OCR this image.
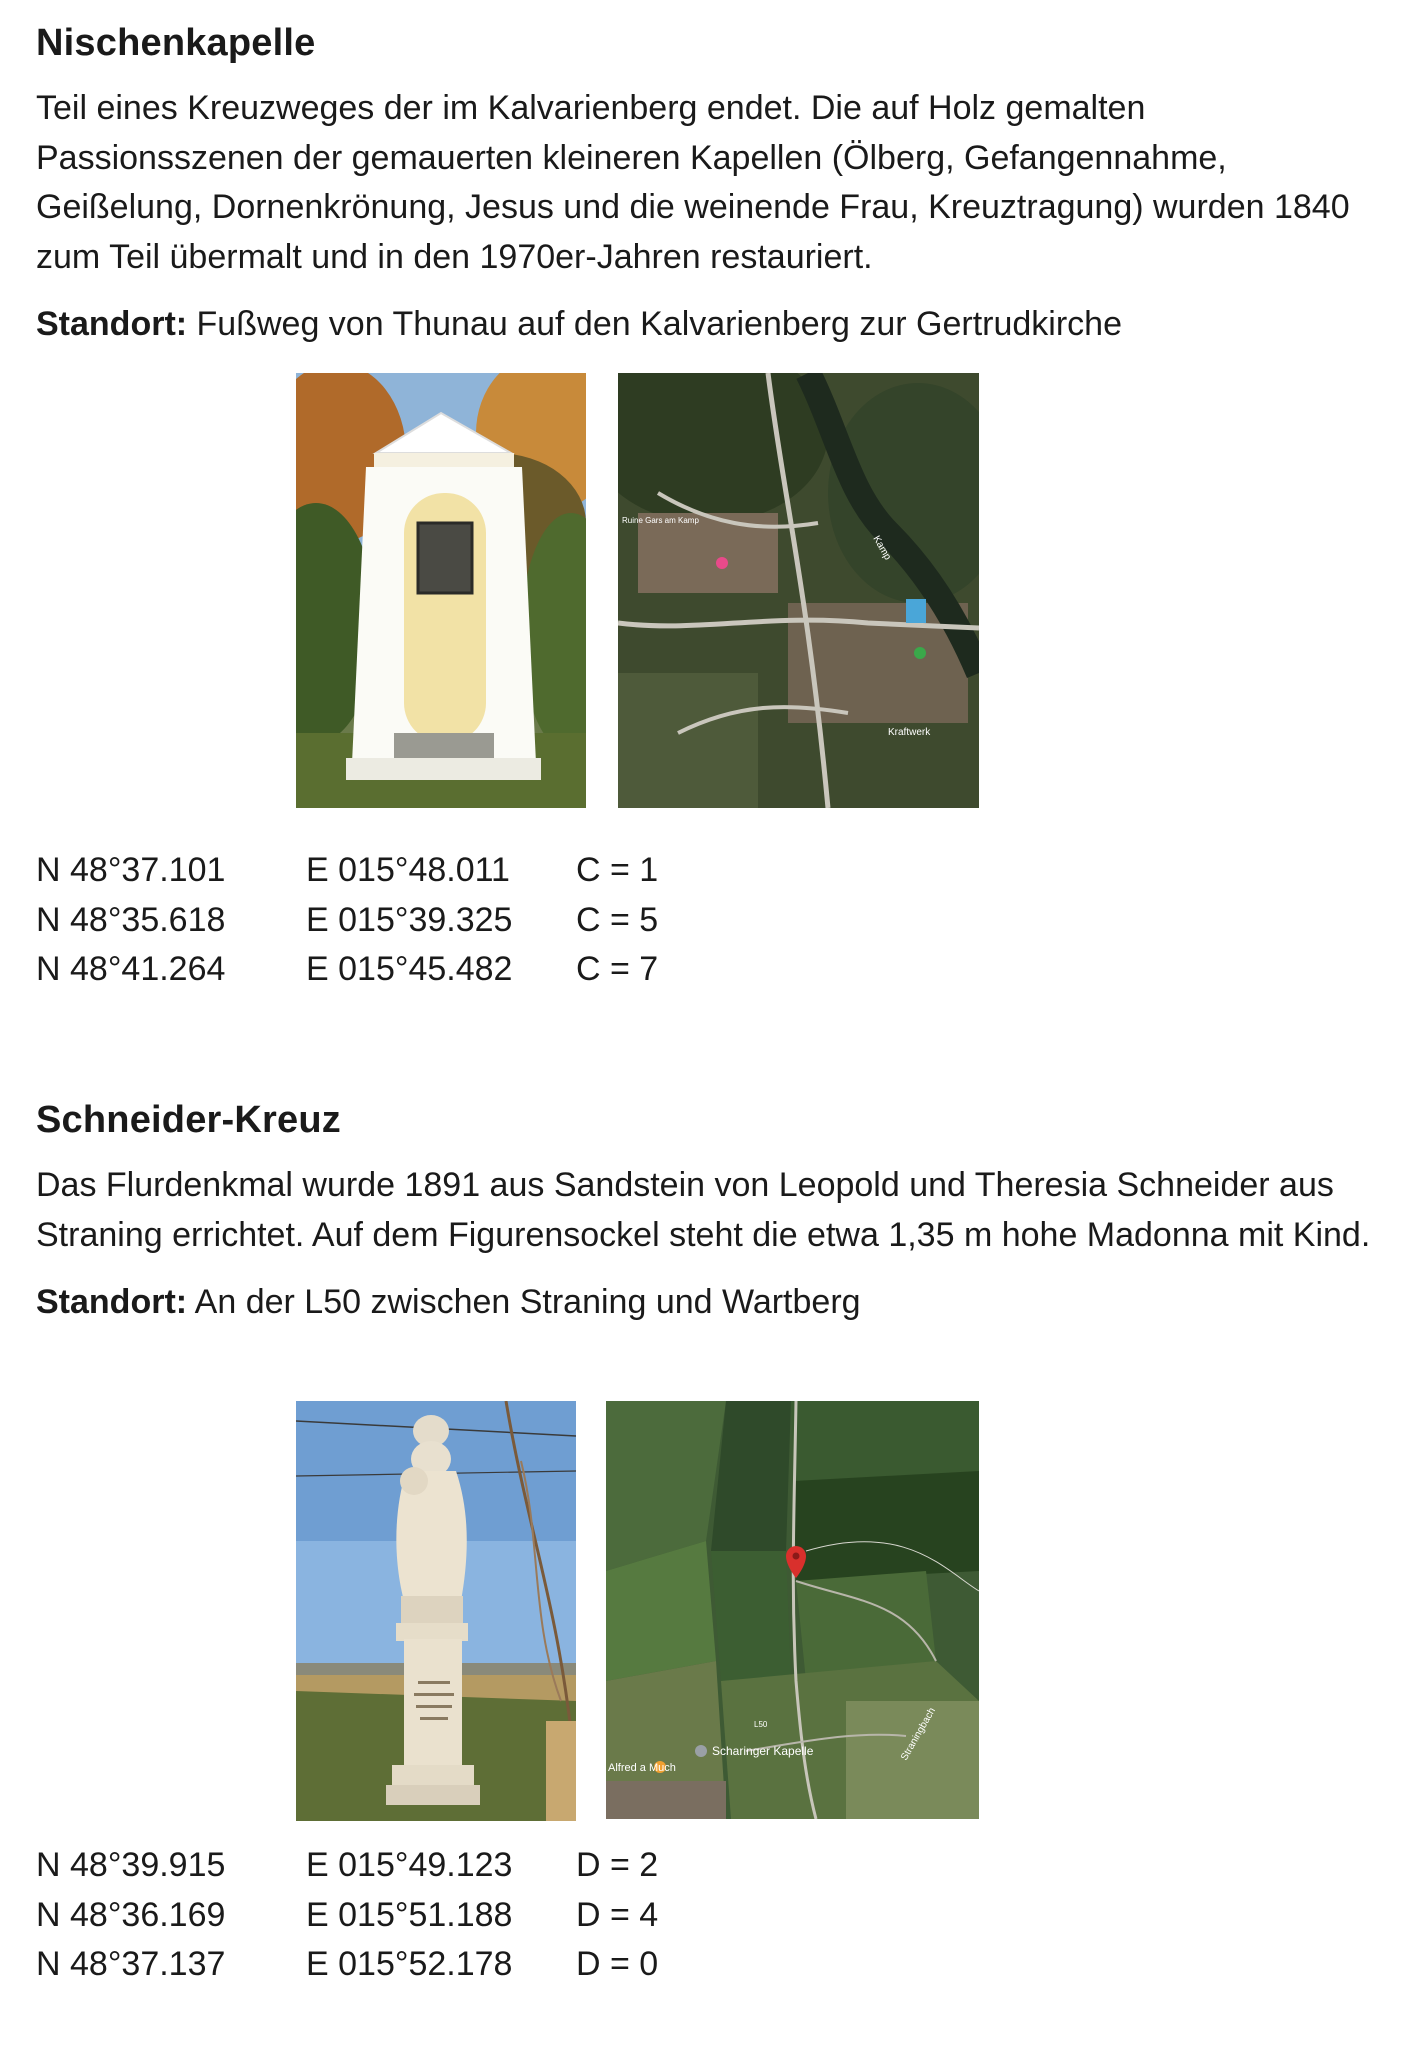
Nischenkapelle

Teil eines Kreuzweges der im Kalvarienberg endet. Die auf Holz gemalten Passionsszenen der gemauerten kleineren Kapellen (Ölberg, Gefangennahme, Geißelung, Dornenkrönung, Jesus und die weinende Frau, Kreuztragung) wurden 1840 zum Teil übermalt und in den 1970er-Jahren restauriert.

Standort: Fußweg von Thunau auf den Kalvarienberg zur Gertrudkirche

Kamp
Kraftwerk
Ruine Gars am Kamp
N 48°37.101 E 015°48.011 C = 1
N 48°35.618 E 015°39.325 C = 5
N 48°41.264 E 015°45.482 C = 7
Schneider-Kreuz

Das Flurdenkmal wurde 1891 aus Sandstein von Leopold und Theresia Schneider aus Straning errichtet. Auf dem Figurensockel steht die etwa 1,35 m hohe Madonna mit Kind.

Standort: An der L50 zwischen Straning und Wartberg

Scharinger Kapelle	Straningbach
L50
Alfred a Much
N 48°39.915 E 015°49.123 D = 2
N 48°36.169 E 015°51.188 D = 4
N 48°37.137 E 015°52.178 D = 0
